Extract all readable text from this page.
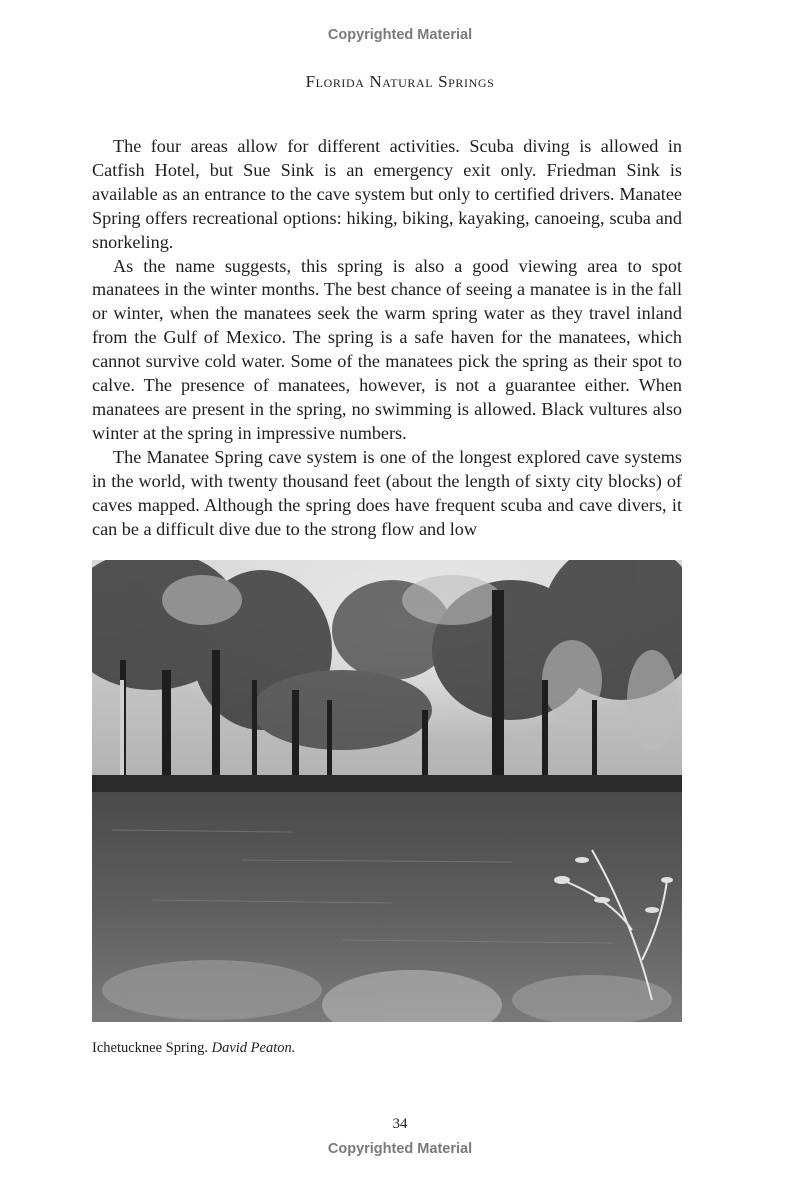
Copyrighted Material
Florida Natural Springs

The four areas allow for different activities. Scuba diving is allowed in Catfish Hotel, but Sue Sink is an emergency exit only. Friedman Sink is available as an entrance to the cave system but only to certified drivers. Manatee Spring offers recreational options: hiking, biking, kayaking, canoeing, scuba and snorkeling.

As the name suggests, this spring is also a good viewing area to spot manatees in the winter months. The best chance of seeing a manatee is in the fall or winter, when the manatees seek the warm spring water as they travel inland from the Gulf of Mexico. The spring is a safe haven for the manatees, which cannot survive cold water. Some of the manatees pick the spring as their spot to calve. The presence of manatees, however, is not a guarantee either. When manatees are present in the spring, no swimming is allowed. Black vultures also winter at the spring in impressive numbers.

The Manatee Spring cave system is one of the longest explored cave systems in the world, with twenty thousand feet (about the length of sixty city blocks) of caves mapped. Although the spring does have frequent scuba and cave divers, it can be a difficult dive due to the strong flow and low

Ichetucknee Spring. David Peaton.
34
Copyrighted Material
